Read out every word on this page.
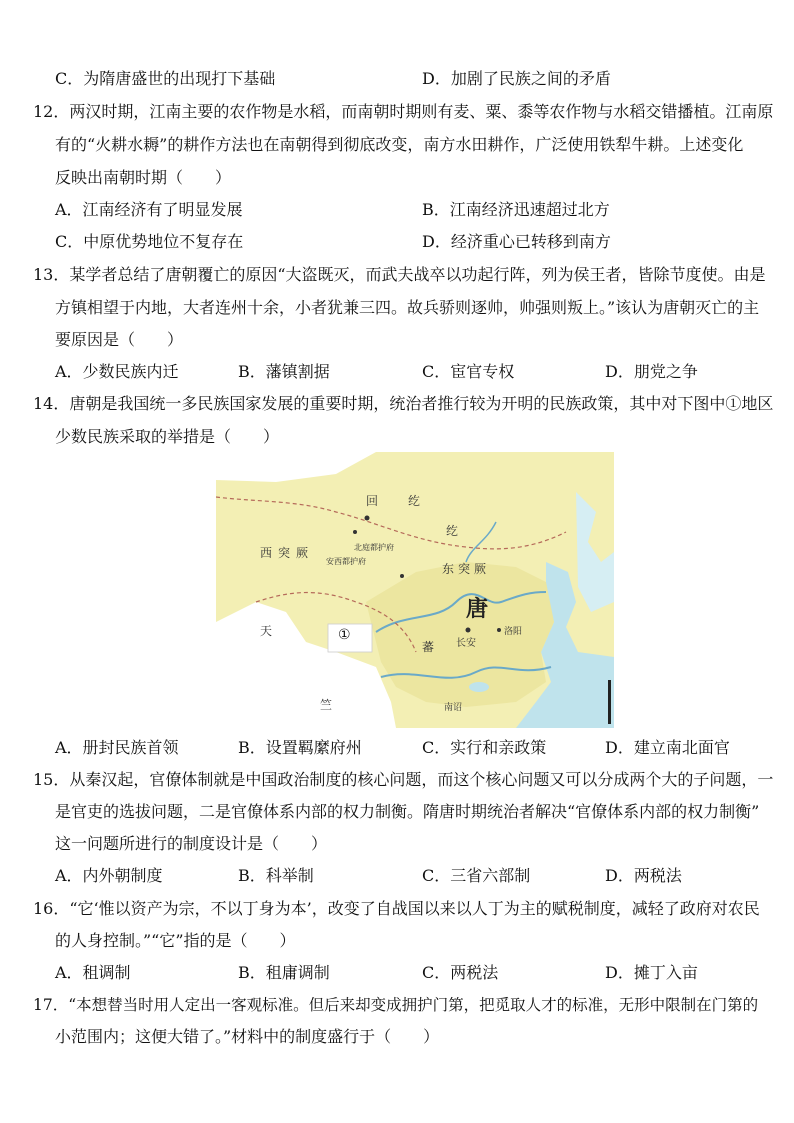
C．为隋唐盛世的出现打下基础	D．加剧了民族之间的矛盾
12．两汉时期，江南主要的农作物是水稻，而南朝时期则有麦、粟、黍等农作物与水稻交错播植。江南原
有的“火耕水耨”的耕作方法也在南朝得到彻底改变，南方水田耕作，广泛使用铁犁牛耕。上述变化
反映出南朝时期（　　）
A．江南经济有了明显发展	B．江南经济迅速超过北方
C．中原优势地位不复存在	D．经济重心已转移到南方
13．某学者总结了唐朝覆亡的原因“大盗既灭，而武夫战卒以功起行阵，列为侯王者，皆除节度使。由是
方镇相望于内地，大者连州十余，小者犹兼三四。故兵骄则逐帅，帅强则叛上。”该认为唐朝灭亡的主
要原因是（　　）
A．少数民族内迁	B．藩镇割据	C．宦官专权	D．朋党之争
14．唐朝是我国统一多民族国家发展的重要时期，统治者推行较为开明的民族政策，其中对下图中①地区
少数民族采取的举措是（　　）
回 纥
纥
西突厥	北庭都护府
安西都护府
东突厥
唐
长安
洛阳
天
竺
蕃
南诏
①
A．册封民族首领	B．设置羁縻府州	C．实行和亲政策	D．建立南北面官
15．从秦汉起，官僚体制就是中国政治制度的核心问题，而这个核心问题又可以分成两个大的子问题，一
是官吏的选拔问题，二是官僚体系内部的权力制衡。隋唐时期统治者解决“官僚体系内部的权力制衡”
这一问题所进行的制度设计是（　　）
A．内外朝制度	B．科举制	C．三省六部制	D．两税法
16．“它‘惟以资产为宗，不以丁身为本’，改变了自战国以来以人丁为主的赋税制度，减轻了政府对农民
的人身控制。”“它”指的是（　　）
A．租调制	B．租庸调制	C．两税法	D．摊丁入亩
17．“本想替当时用人定出一客观标准。但后来却变成拥护门第，把觅取人才的标准，无形中限制在门第的
小范围内；这便大错了。”材料中的制度盛行于（　　）
